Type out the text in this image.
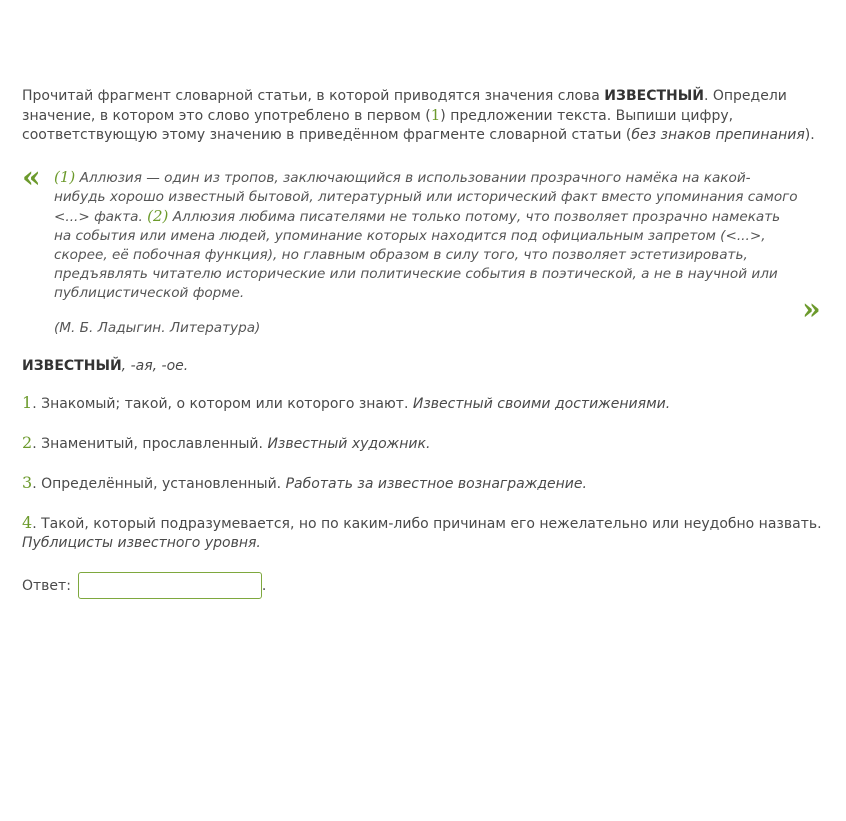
Прочитай фрагмент словарной статьи, в которой приводятся значения слова ИЗВЕСТНЫЙ. Определи значение, в котором это слово употреблено в первом (1) предложении текста. Выпиши цифру, соответствующую этому значению в приведённом фрагменте словарной статьи (без знаков препинания).

« (1) Аллюзия — один из тропов, заключающийся в использовании прозрачного намёка на какой-нибудь хорошо известный бытовой, литературный или исторический факт вместо упоминания самого <...> факта. (2) Аллюзия любима писателями не только потому, что позволяет прозрачно намекать на события или имена людей, упоминание которых находится под официальным запретом (<...>, скорее, её побочная функция), но главным образом в силу того, что позволяет эстетизировать, предъявлять читателю исторические или политические события в поэтической, а не в научной или публицистической форме.
(М. Б. Ладыгин. Литература)
»
ИЗВЕСТНЫЙ, -ая, -ое.
1. Знакомый; такой, о котором или которого знают. Известный своими достижениями.
2. Знаменитый, прославленный. Известный художник.
3. Определённый, установленный. Работать за известное вознаграждение.
4. Такой, который подразумевается, но по каким-либо причинам его нежелательно или неудобно назвать. Публицисты известного уровня.
Ответ:	.
